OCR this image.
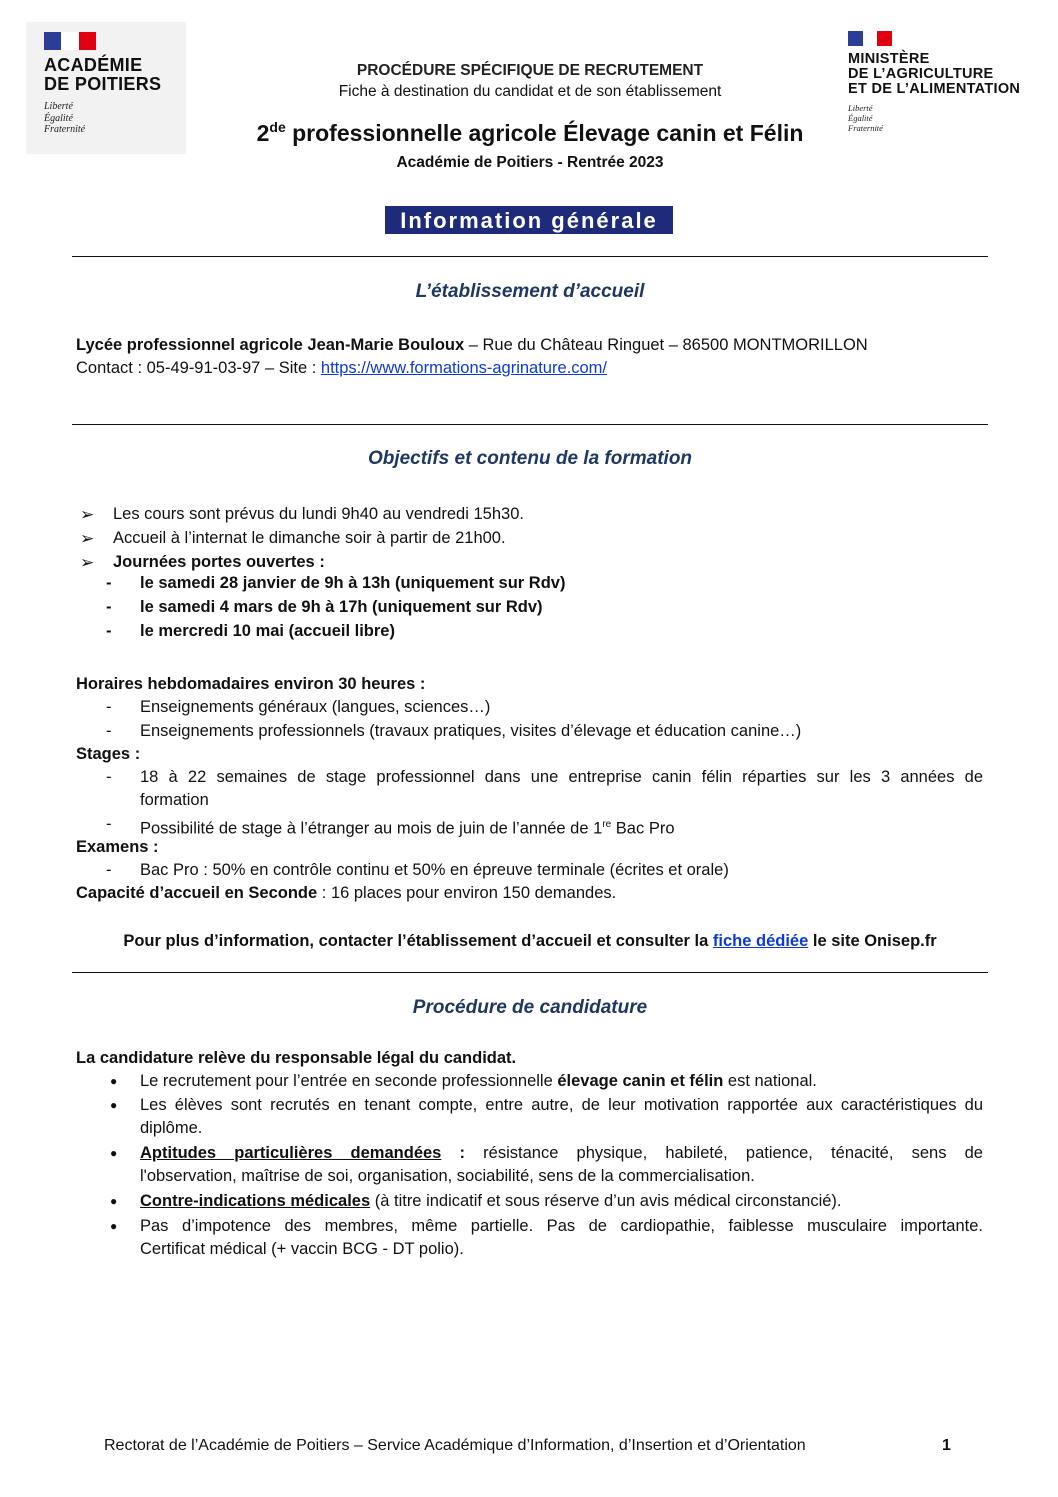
ACADÉMIE
DE POITIERS
Liberté
Égalité
Fraternité
MINISTÈRE
DE L’AGRICULTURE
ET DE L’ALIMENTATION
Liberté
Égalité
Fraternité
PROCÉDURE SPÉCIFIQUE DE RECRUTEMENT
Fiche à destination du candidat et de son établissement
2de professionnelle agricole Élevage canin et Félin
Académie de Poitiers - Rentrée 2023
Information générale
L’établissement d’accueil
Lycée professionnel agricole Jean-Marie Bouloux – Rue du Château Ringuet – 86500 MONTMORILLON
Contact : 05-49-91-03-97 – Site : https://www.formations-agrinature.com/
Objectifs et contenu de la formation
➢ Les cours sont prévus du lundi 9h40 au vendredi 15h30.
➢ Accueil à l’internat le dimanche soir à partir de 21h00.
➢ Journées portes ouvertes :
- le samedi 28 janvier de 9h à 13h (uniquement sur Rdv)
- le samedi 4 mars de 9h à 17h (uniquement sur Rdv)
- le mercredi 10 mai (accueil libre)
Horaires hebdomadaires environ 30 heures :
- Enseignements généraux (langues, sciences…)
- Enseignements professionnels (travaux pratiques, visites d’élevage et éducation canine…)
Stages :
- 18 à 22 semaines de stage professionnel dans une entreprise canin félin réparties sur les 3 années de
formation
- Possibilité de stage à l’étranger au mois de juin de l’année de 1re Bac Pro
Examens :
- Bac Pro : 50% en contrôle continu et 50% en épreuve terminale (écrites et orale)
Capacité d’accueil en Seconde : 16 places pour environ 150 demandes.
Pour plus d’information, contacter l’établissement d’accueil et consulter la fiche dédiée le site Onisep.fr
Procédure de candidature
La candidature relève du responsable légal du candidat.
● Le recrutement pour l’entrée en seconde professionnelle élevage canin et félin est national.
● Les élèves sont recrutés en tenant compte, entre autre, de leur motivation rapportée aux caractéristiques du
diplôme.
● Aptitudes particulières demandées : résistance physique, habileté, patience, ténacité, sens de
l'observation, maîtrise de soi, organisation, sociabilité, sens de la commercialisation.
● Contre-indications médicales (à titre indicatif et sous réserve d’un avis médical circonstancié).
● Pas d’impotence des membres, même partielle. Pas de cardiopathie, faiblesse musculaire importante.
Certificat médical (+ vaccin BCG - DT polio).
Rectorat de l’Académie de Poitiers – Service Académique d’Information, d’Insertion et d’Orientation	1
